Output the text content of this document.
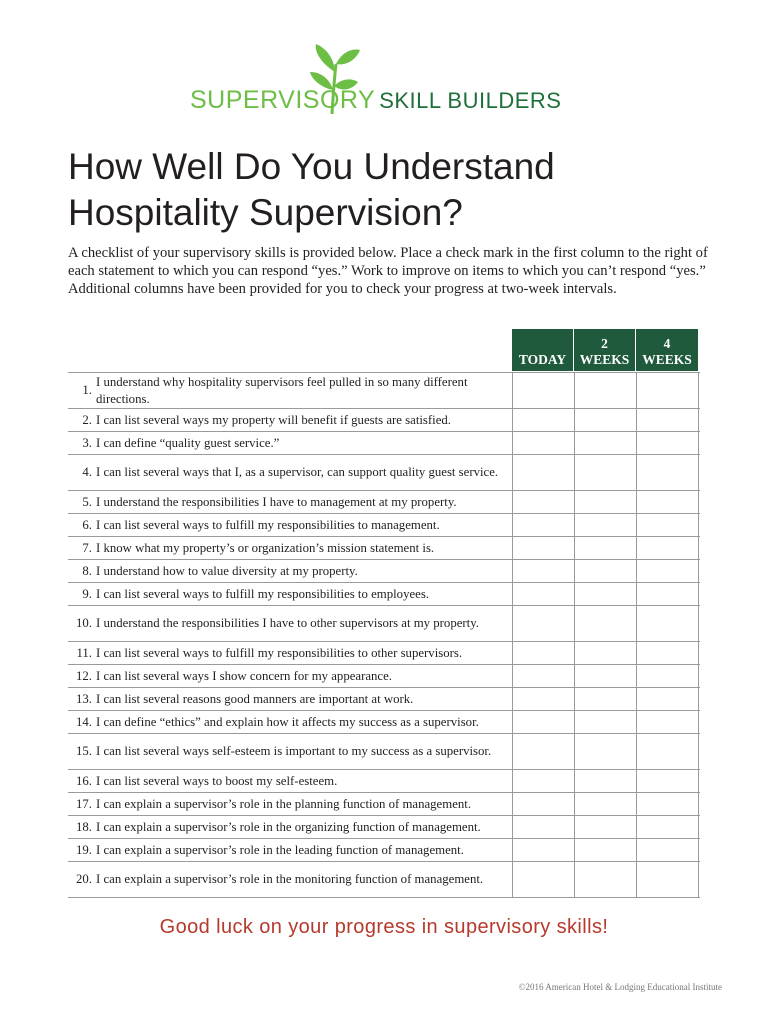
SUPERVISORY SKILL BUILDERS
How Well Do You Understand Hospitality Supervision?

A checklist of your supervisory skills is provided below. Place a check mark in the first column to the right of each statement to which you can respond “yes.” Work to improve on items to which you can’t respond “yes.” Additional columns have been provided for you to check your progress at two-week intervals.

TODAY
2
WEEKS
4
WEEKS
1.
I understand why hospitality supervisors feel pulled in so many different directions.
2. I can list several ways my property will benefit if guests are satisfied.
3. I can define “quality guest service.”
4. I can list several ways that I, as a supervisor, can support quality guest service.
5. I understand the responsibilities I have to management at my property.
6. I can list several ways to fulfill my responsibilities to management.
7. I know what my property’s or organization’s mission statement is.
8. I understand how to value diversity at my property.
9. I can list several ways to fulfill my responsibilities to employees.
10. I understand the responsibilities I have to other supervisors at my property.
11. I can list several ways to fulfill my responsibilities to other supervisors.
12. I can list several ways I show concern for my appearance.
13. I can list several reasons good manners are important at work.
14. I can define “ethics” and explain how it affects my success as a supervisor.
15. I can list several ways self-esteem is important to my success as a supervisor.
16. I can list several ways to boost my self-esteem.
17. I can explain a supervisor’s role in the planning function of management.
18. I can explain a supervisor’s role in the organizing function of management.
19. I can explain a supervisor’s role in the leading function of management.
20. I can explain a supervisor’s role in the monitoring function of management.
Good luck on your progress in supervisory skills!
©2016 American Hotel & Lodging Educational Institute
